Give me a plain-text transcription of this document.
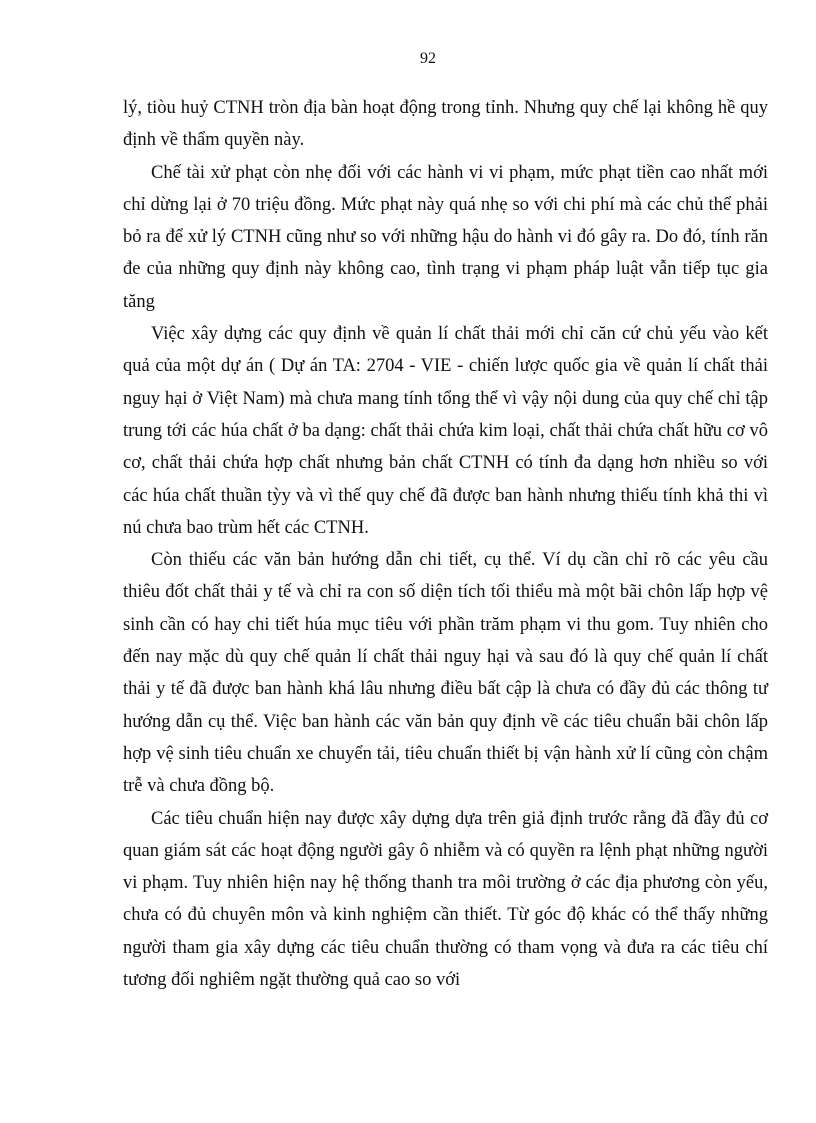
92

lý, tiòu huỷ CTNH tròn địa bàn hoạt động trong tỉnh. Nhưng quy chế lại không hề quy định về thẩm quyền này.

Chế tài xử phạt còn nhẹ đối với các hành vi vi phạm, mức phạt tiền cao nhất mới chỉ dừng lại ở 70 triệu đồng. Mức phạt này quá nhẹ so với chi phí mà các chủ thể phải bỏ ra để xử lý CTNH cũng như so với những hậu do hành vi đó gây ra. Do đó, tính răn đe của những quy định này không cao, tình trạng vi phạm pháp luật vẫn tiếp tục gia tăng

Việc xây dựng các quy định về quản lí chất thải mới chỉ căn cứ chủ yếu vào kết quả của một dự án ( Dự án TA: 2704 - VIE - chiến lược quốc gia về quản lí chất thải nguy hại ở Việt Nam) mà chưa mang tính tổng thể vì vậy nội dung của quy chế chỉ tập trung tới các húa chất ở ba dạng: chất thải chứa kim loại, chất thải chứa chất hữu cơ vô cơ, chất thải chứa hợp chất nhưng bản chất CTNH có tính đa dạng hơn nhiều so với các húa chất thuần tỳy và vì thế quy chế đã được ban hành nhưng thiếu tính khả thi vì nú chưa bao trùm hết các CTNH.

Còn thiếu các văn bản hướng dẫn chi tiết, cụ thể. Ví dụ cần chỉ rõ các yêu cầu thiêu đốt chất thải y tế và chỉ ra con số diện tích tối thiểu mà một bãi chôn lấp hợp vệ sinh cần có hay chi tiết húa mục tiêu với phần trăm phạm vi thu gom. Tuy nhiên cho đến nay mặc dù quy chế quản lí chất thải nguy hại và sau đó là quy chế quản lí chất thải y tế đã được ban hành khá lâu nhưng điều bất cập là chưa có đầy đủ các thông tư hướng dẫn cụ thể. Việc ban hành các văn bản quy định về các tiêu chuẩn bãi chôn lấp hợp vệ sinh tiêu chuẩn xe chuyển tải, tiêu chuẩn thiết bị vận hành xử lí cũng còn chậm trễ và chưa đồng bộ.

Các tiêu chuẩn hiện nay được xây dựng dựa trên giả định trước rằng đã đầy đủ cơ quan giám sát các hoạt động người gây ô nhiễm và có quyền ra lệnh phạt những người vi phạm. Tuy nhiên hiện nay hệ thống thanh tra môi trường ở các địa phương còn yếu, chưa có đủ chuyên môn và kinh nghiệm cần thiết. Từ góc độ khác có thể thấy những người tham gia xây dựng các tiêu chuẩn thường có tham vọng và đưa ra các tiêu chí tương đối nghiêm ngặt thường quả cao so với
